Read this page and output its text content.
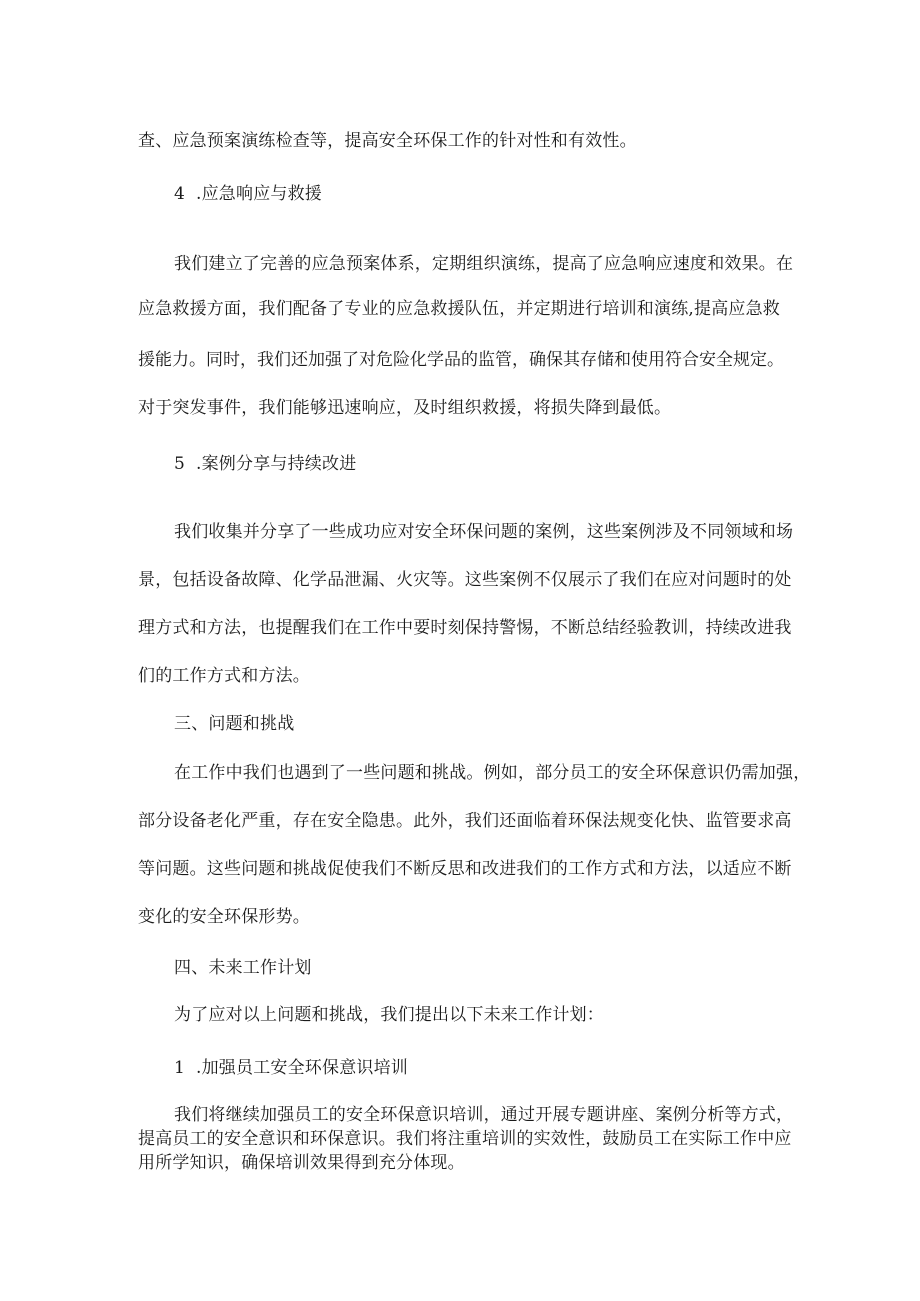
查、应急预案演练检查等，提高安全环保工作的针对性和有效性。
4 .应急响应与救援
我们建立了完善的应急预案体系，定期组织演练，提高了应急响应速度和效果。在
应急救援方面，我们配备了专业的应急救援队伍，并定期进行培训和演练,提高应急救
援能力。同时，我们还加强了对危险化学品的监管，确保其存储和使用符合安全规定。
对于突发事件，我们能够迅速响应，及时组织救援，将损失降到最低。
5 .案例分享与持续改进
我们收集并分享了一些成功应对安全环保问题的案例，这些案例涉及不同领域和场
景，包括设备故障、化学品泄漏、火灾等。这些案例不仅展示了我们在应对问题时的处
理方式和方法，也提醒我们在工作中要时刻保持警惕，不断总结经验教训，持续改进我
们的工作方式和方法。
三、问题和挑战
在工作中我们也遇到了一些问题和挑战。例如，部分员工的安全环保意识仍需加强，
部分设备老化严重，存在安全隐患。此外，我们还面临着环保法规变化快、监管要求高
等问题。这些问题和挑战促使我们不断反思和改进我们的工作方式和方法，以适应不断
变化的安全环保形势。
四、未来工作计划
为了应对以上问题和挑战，我们提出以下未来工作计划：
1 .加强员工安全环保意识培训
我们将继续加强员工的安全环保意识培训，通过开展专题讲座、案例分析等方式，
提高员工的安全意识和环保意识。我们将注重培训的实效性，鼓励员工在实际工作中应
用所学知识，确保培训效果得到充分体现。
